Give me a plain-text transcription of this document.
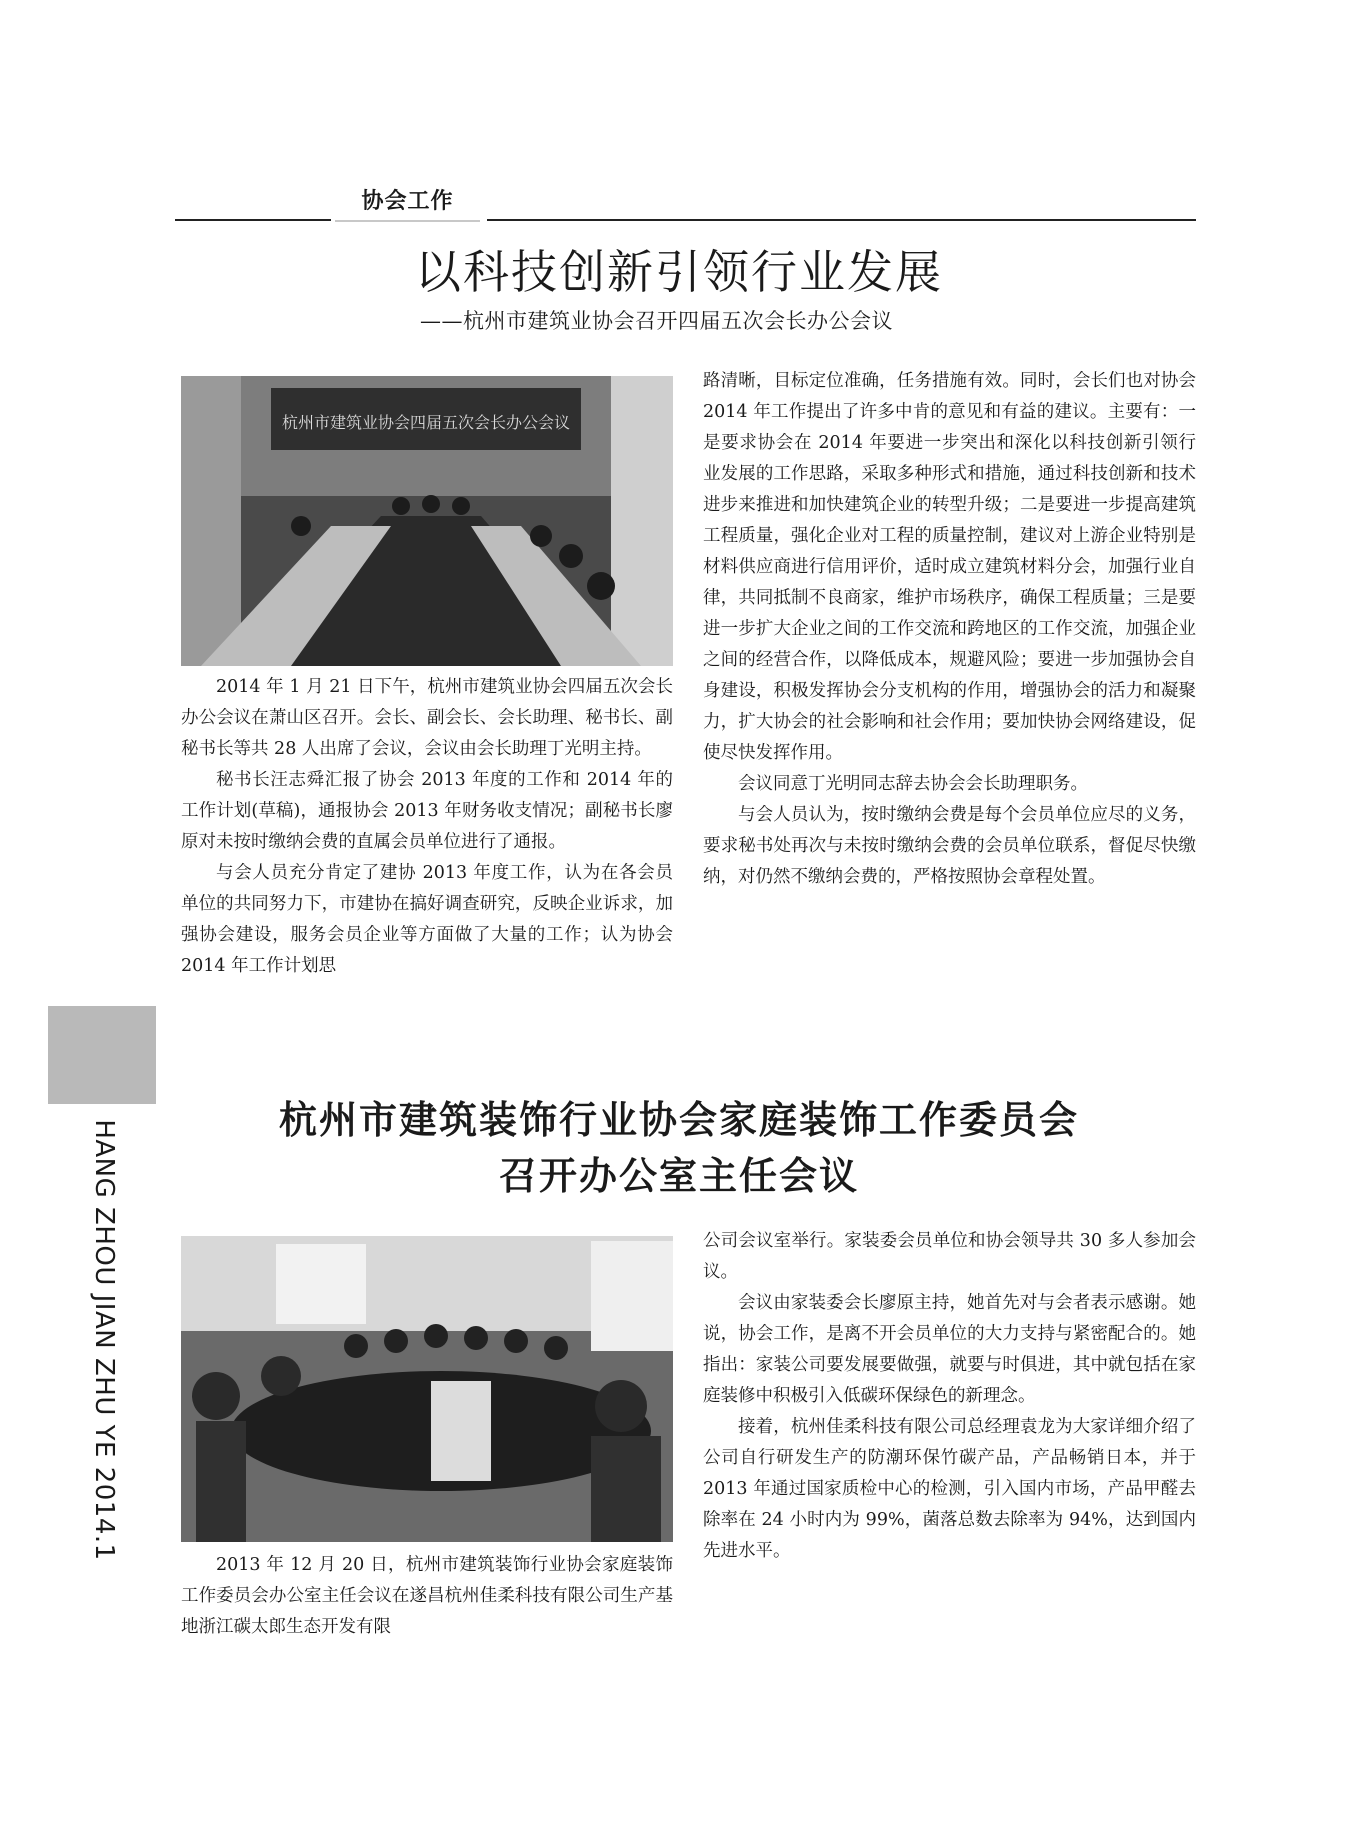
协会工作
以科技创新引领行业发展
——杭州市建筑业协会召开四届五次会长办公会议
杭州市建筑业协会四届五次会长办公会议

2014 年 1 月 21 日下午，杭州市建筑业协会四届五次会长办公会议在萧山区召开。会长、副会长、会长助理、秘书长、副秘书长等共 28 人出席了会议，会议由会长助理丁光明主持。

秘书长汪志舜汇报了协会 2013 年度的工作和 2014 年的工作计划(草稿)，通报协会 2013 年财务收支情况；副秘书长廖原对未按时缴纳会费的直属会员单位进行了通报。

与会人员充分肯定了建协 2013 年度工作，认为在各会员单位的共同努力下，市建协在搞好调查研究，反映企业诉求，加强协会建设，服务会员企业等方面做了大量的工作；认为协会 2014 年工作计划思

路清晰，目标定位准确，任务措施有效。同时，会长们也对协会 2014 年工作提出了许多中肯的意见和有益的建议。主要有：一是要求协会在 2014 年要进一步突出和深化以科技创新引领行业发展的工作思路，采取多种形式和措施，通过科技创新和技术进步来推进和加快建筑企业的转型升级；二是要进一步提高建筑工程质量，强化企业对工程的质量控制，建议对上游企业特别是材料供应商进行信用评价，适时成立建筑材料分会，加强行业自律，共同抵制不良商家，维护市场秩序，确保工程质量；三是要进一步扩大企业之间的工作交流和跨地区的工作交流，加强企业之间的经营合作，以降低成本，规避风险；要进一步加强协会自身建设，积极发挥协会分支机构的作用，增强协会的活力和凝聚力，扩大协会的社会影响和社会作用；要加快协会网络建设，促使尽快发挥作用。

会议同意丁光明同志辞去协会会长助理职务。

与会人员认为，按时缴纳会费是每个会员单位应尽的义务，要求秘书处再次与未按时缴纳会费的会员单位联系，督促尽快缴纳，对仍然不缴纳会费的，严格按照协会章程处置。

HANG ZHOU JIAN ZHU YE 2014.1	杭州市建筑装饰行业协会家庭装饰工作委员会
召开办公室主任会议

2013 年 12 月 20 日，杭州市建筑装饰行业协会家庭装饰工作委员会办公室主任会议在遂昌杭州佳柔科技有限公司生产基地浙江碳太郎生态开发有限

公司会议室举行。家装委会员单位和协会领导共 30 多人参加会议。

会议由家装委会长廖原主持，她首先对与会者表示感谢。她说，协会工作，是离不开会员单位的大力支持与紧密配合的。她指出：家装公司要发展要做强，就要与时俱进，其中就包括在家庭装修中积极引入低碳环保绿色的新理念。

接着，杭州佳柔科技有限公司总经理袁龙为大家详细介绍了公司自行研发生产的防潮环保竹碳产品，产品畅销日本，并于 2013 年通过国家质检中心的检测，引入国内市场，产品甲醛去除率在 24 小时内为 99%，菌落总数去除率为 94%，达到国内先进水平。
